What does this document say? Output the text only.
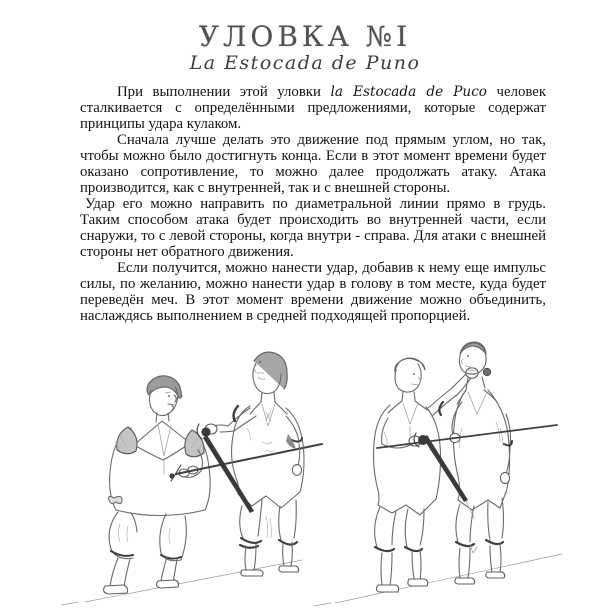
УЛОВКА №I
La Estocada de Puno

При выполнении этой уловки la Estocada de Puco человек сталкивается с определёнными предложениями, которые содержат принципы удара кулаком.

Сначала лучше делать это движение под прямым углом, но так, чтобы можно было достигнуть конца. Если в этот момент времени будет оказано сопротивление, то можно далее продолжать атаку. Атака производится, как с внутренней, так и с внешней стороны.

Удар его можно направить по диаметральной линии прямо в грудь. Таким способом атака будет происходить во внутренней части, если снаружи, то с левой стороны, когда внутри - справа. Для атаки с внешней стороны нет обратного движения.

Если получится, можно нанести удар, добавив к нему еще импульс силы, по желанию, можно нанести удар в голову в том месте, куда будет переведён меч. В этот момент времени движение можно объединить, наслаждясь выполнением в средней подходящей пропорцией.
